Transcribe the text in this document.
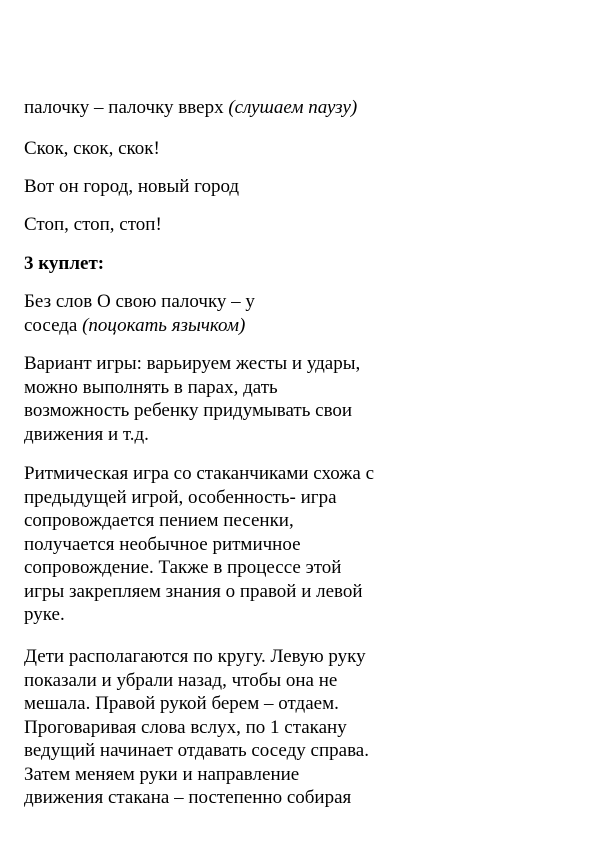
палочку – палочку вверх (слушаем паузу)

Скок, скок, скок!

Вот он город, новый город

Стоп, стоп, стоп!

3 куплет:

Без слов О свою палочку – у
соседа (поцокать язычком)
Вариант игры: варьируем жесты и удары,
можно выполнять в парах, дать
возможность ребенку придумывать свои
движения и т.д.
Ритмическая игра со стаканчиками схожа с
предыдущей игрой, особенность- игра
сопровождается пением песенки,
получается необычное ритмичное
сопровождение. Также в процессе этой
игры закрепляем знания о правой и левой
руке.
Дети располагаются по кругу. Левую руку
показали и убрали назад, чтобы она не
мешала. Правой рукой берем – отдаем.
Проговаривая слова вслух, по 1 стакану
ведущий начинает отдавать соседу справа.
Затем меняем руки и направление
движения стакана – постепенно собирая
